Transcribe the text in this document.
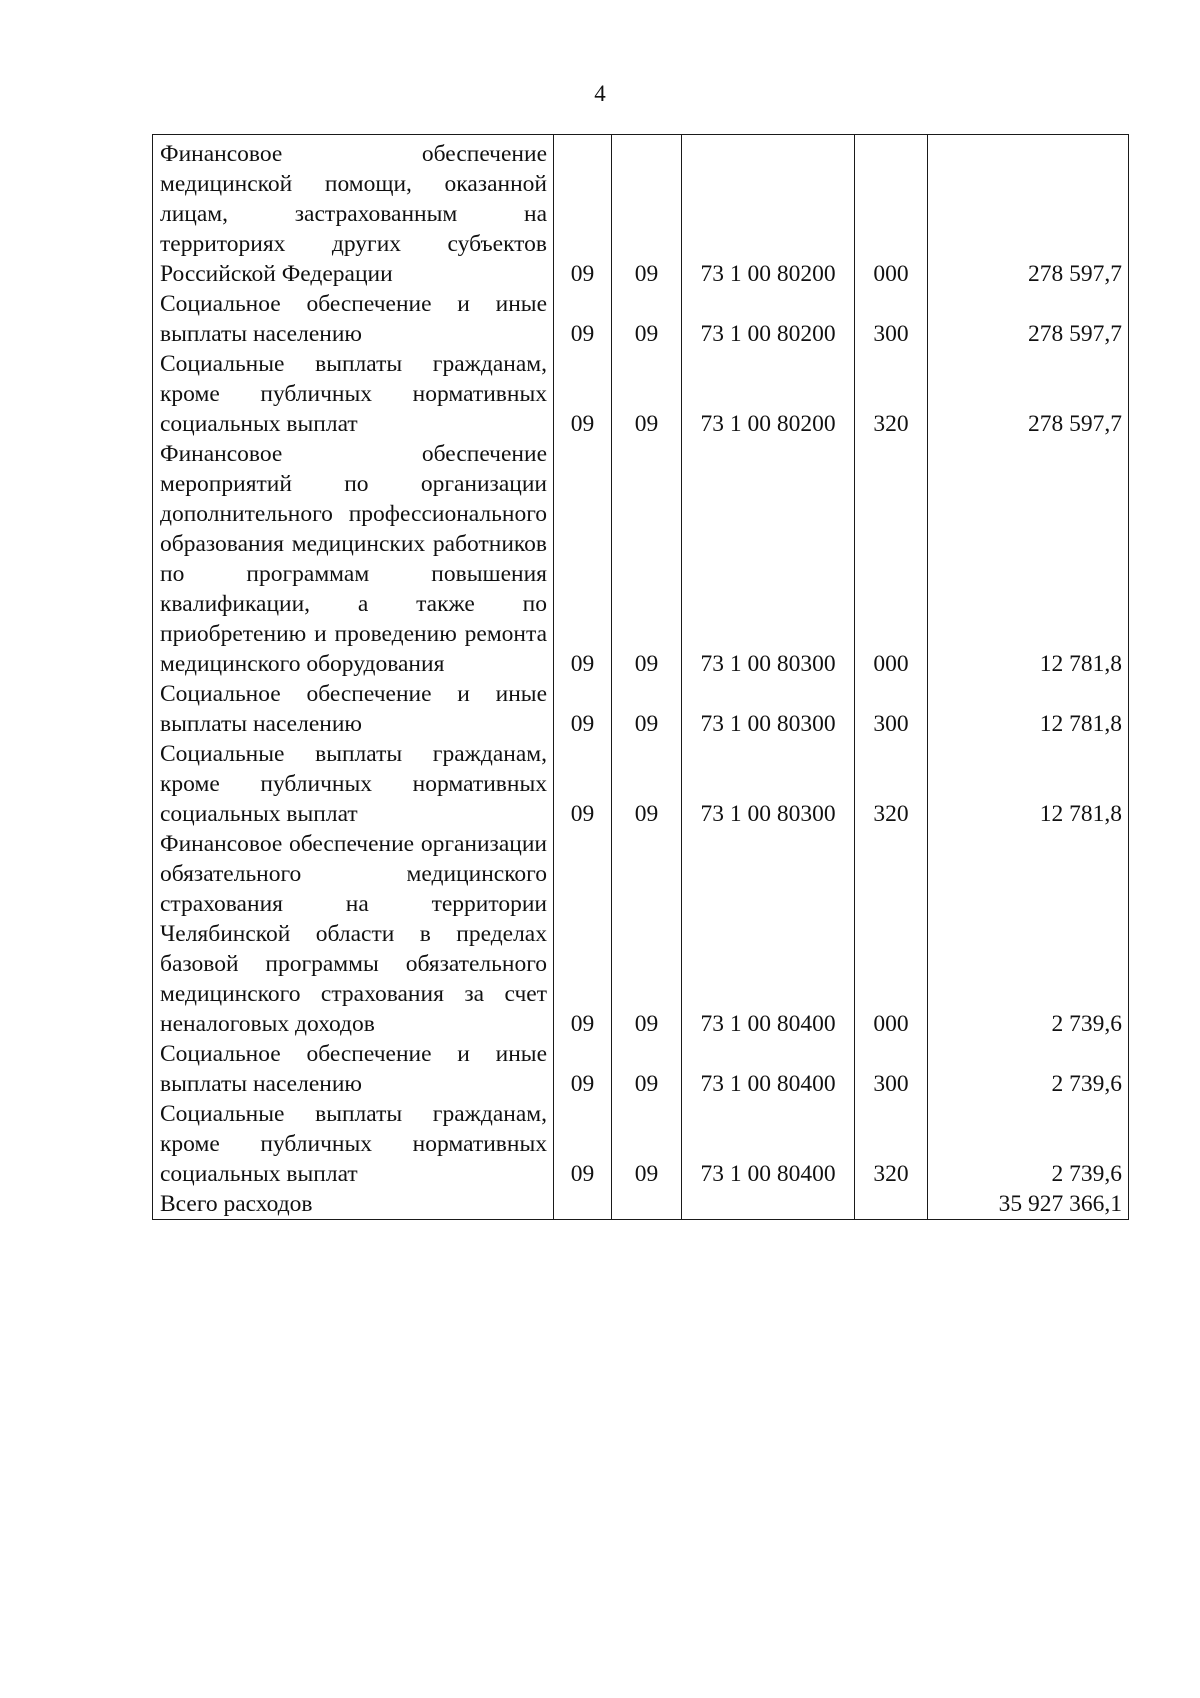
4

Финансовое обеспечение медицинской помощи, оказанной лицам, застрахованным на территориях других субъектов Российской Федерации	09	09	73 1 00 80200	000	278 597,7
Социальное обеспечение и иные выплаты населению	09	09	73 1 00 80200	300	278 597,7
Социальные выплаты гражданам, кроме публичных нормативных социальных выплат	09	09	73 1 00 80200	320	278 597,7
Финансовое обеспечение мероприятий по организации дополнительного профессионального образования медицинских работников по программам повышения квалификации, а также по приобретению и проведению ремонта медицинского оборудования	09	09	73 1 00 80300	000	12 781,8
Социальное обеспечение и иные выплаты населению	09	09	73 1 00 80300	300	12 781,8
Социальные выплаты гражданам, кроме публичных нормативных социальных выплат	09	09	73 1 00 80300	320	12 781,8
Финансовое обеспечение организации обязательного медицинского страхования на территории Челябинской области в пределах базовой программы обязательного медицинского страхования за счет неналоговых доходов	09	09	73 1 00 80400	000	2 739,6
Социальное обеспечение и иные выплаты населению	09	09	73 1 00 80400	300	2 739,6
Социальные выплаты гражданам, кроме публичных нормативных социальных выплат	09	09	73 1 00 80400	320	2 739,6
Всего расходов					35 927 366,1
